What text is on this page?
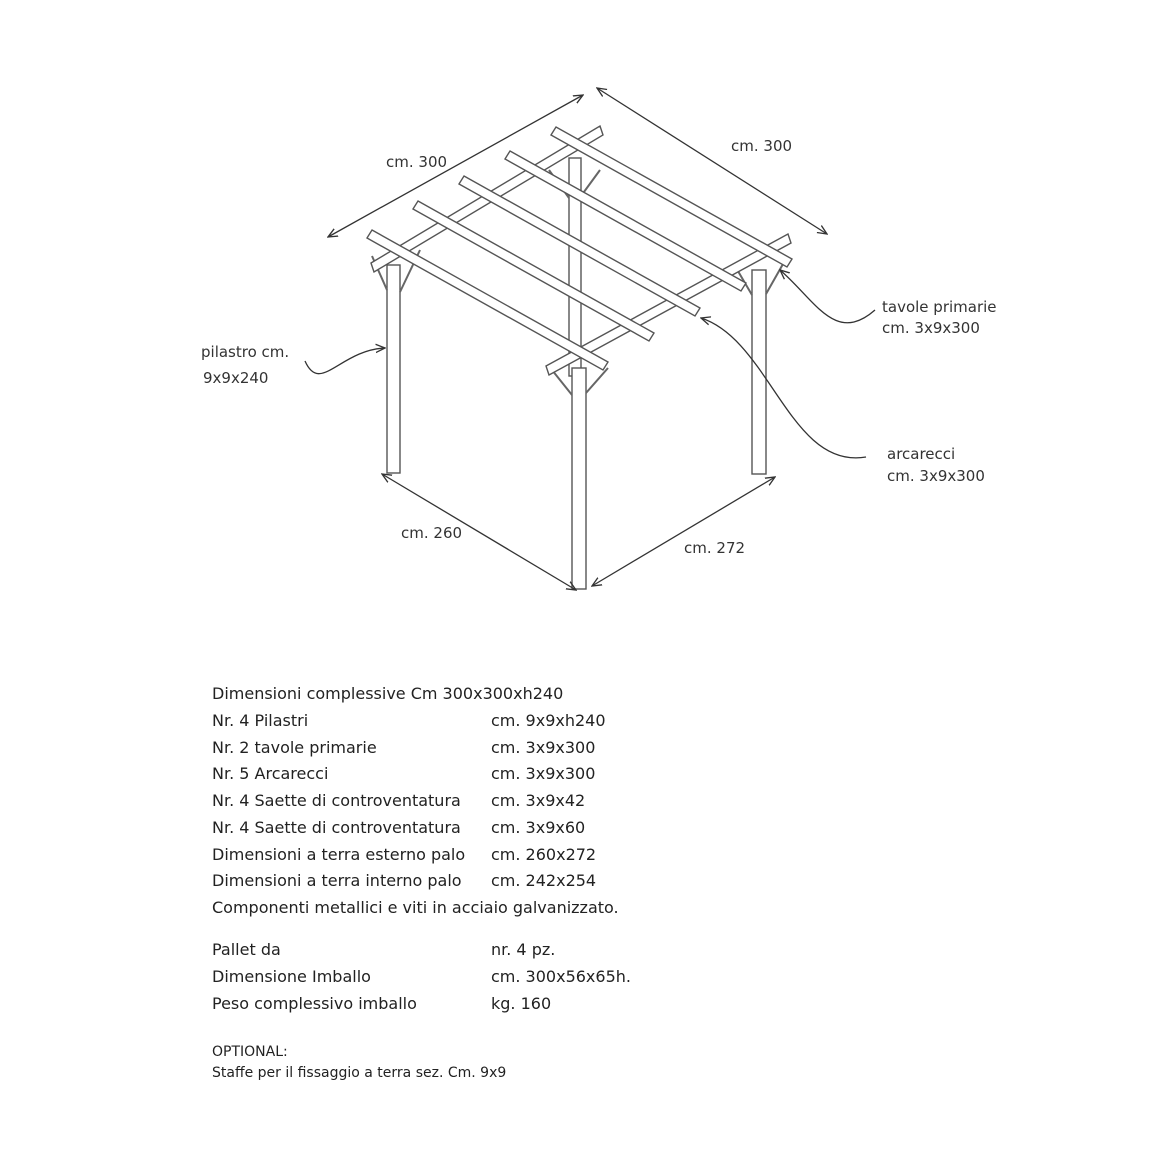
cm. 300
cm. 300
cm. 260
cm. 272
pilastro cm.
9x9x240
tavole primarie
cm. 3x9x300
arcarecci
cm. 3x9x300
Dimensioni complessive Cm 300x300xh240
Nr. 4 Pilastri	cm. 9x9xh240
Nr. 2 tavole primarie	cm. 3x9x300
Nr. 5 Arcarecci	cm. 3x9x300
Nr. 4 Saette di controventatura cm. 3x9x42
Nr. 4 Saette di controventatura cm. 3x9x60
Dimensioni a terra esterno palo cm. 260x272
Dimensioni a terra interno palo cm. 242x254
Componenti metallici e viti in acciaio galvanizzato.
Pallet da	nr. 4 pz.
Dimensione Imballo	cm. 300x56x65h.
Peso complessivo imballo	kg. 160
OPTIONAL:
Staffe per il fissaggio a terra sez. Cm. 9x9
